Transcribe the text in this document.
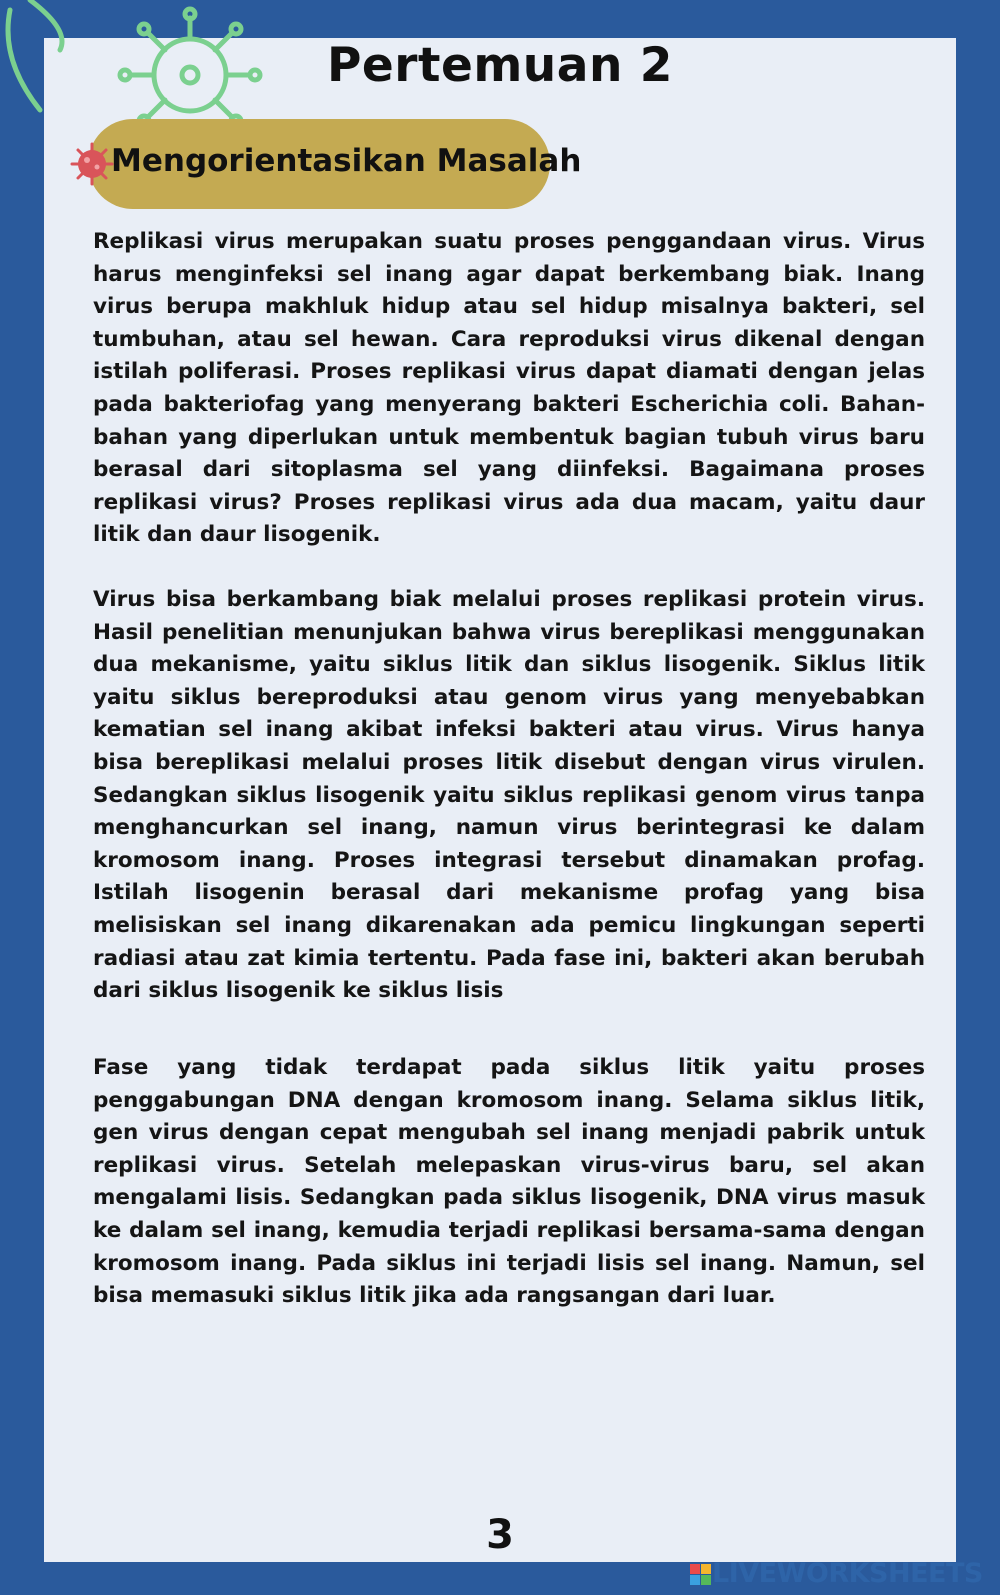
Pertemuan 2
Mengorientasikan Masalah

Replikasi virus merupakan suatu proses penggandaan virus. Virus harus menginfeksi sel inang agar dapat berkembang biak. Inang virus berupa makhluk hidup atau sel hidup misalnya bakteri, sel tumbuhan, atau sel hewan. Cara reproduksi virus dikenal dengan istilah poliferasi. Proses replikasi virus dapat diamati dengan jelas pada bakteriofag yang menyerang bakteri Escherichia coli. Bahan-bahan yang diperlukan untuk membentuk bagian tubuh virus baru berasal dari sitoplasma sel yang diinfeksi. Bagaimana proses replikasi virus? Proses replikasi virus ada dua macam, yaitu daur litik dan daur lisogenik.

Virus bisa berkambang biak melalui proses replikasi protein virus. Hasil penelitian menunjukan bahwa virus bereplikasi menggunakan dua mekanisme, yaitu siklus litik dan siklus lisogenik. Siklus litik yaitu siklus bereproduksi atau genom virus yang menyebabkan kematian sel inang akibat infeksi bakteri atau virus. Virus hanya bisa bereplikasi melalui proses litik disebut dengan virus virulen. Sedangkan siklus lisogenik yaitu siklus replikasi genom virus tanpa menghancurkan sel inang, namun virus berintegrasi ke dalam kromosom inang. Proses integrasi tersebut dinamakan profag. Istilah lisogenin berasal dari mekanisme profag yang bisa melisiskan sel inang dikarenakan ada pemicu lingkungan seperti radiasi atau zat kimia tertentu. Pada fase ini, bakteri akan berubah dari siklus lisogenik ke siklus lisis

Fase yang tidak terdapat pada siklus litik yaitu proses penggabungan DNA dengan kromosom inang. Selama siklus litik, gen virus dengan cepat mengubah sel inang menjadi pabrik untuk replikasi virus. Setelah melepaskan virus-virus baru, sel akan mengalami lisis. Sedangkan pada siklus lisogenik, DNA virus masuk ke dalam sel inang, kemudia terjadi replikasi bersama-sama dengan kromosom inang. Pada siklus ini terjadi lisis sel inang. Namun, sel bisa memasuki siklus litik jika ada rangsangan dari luar.

3
LIVEWORKSHEETS
